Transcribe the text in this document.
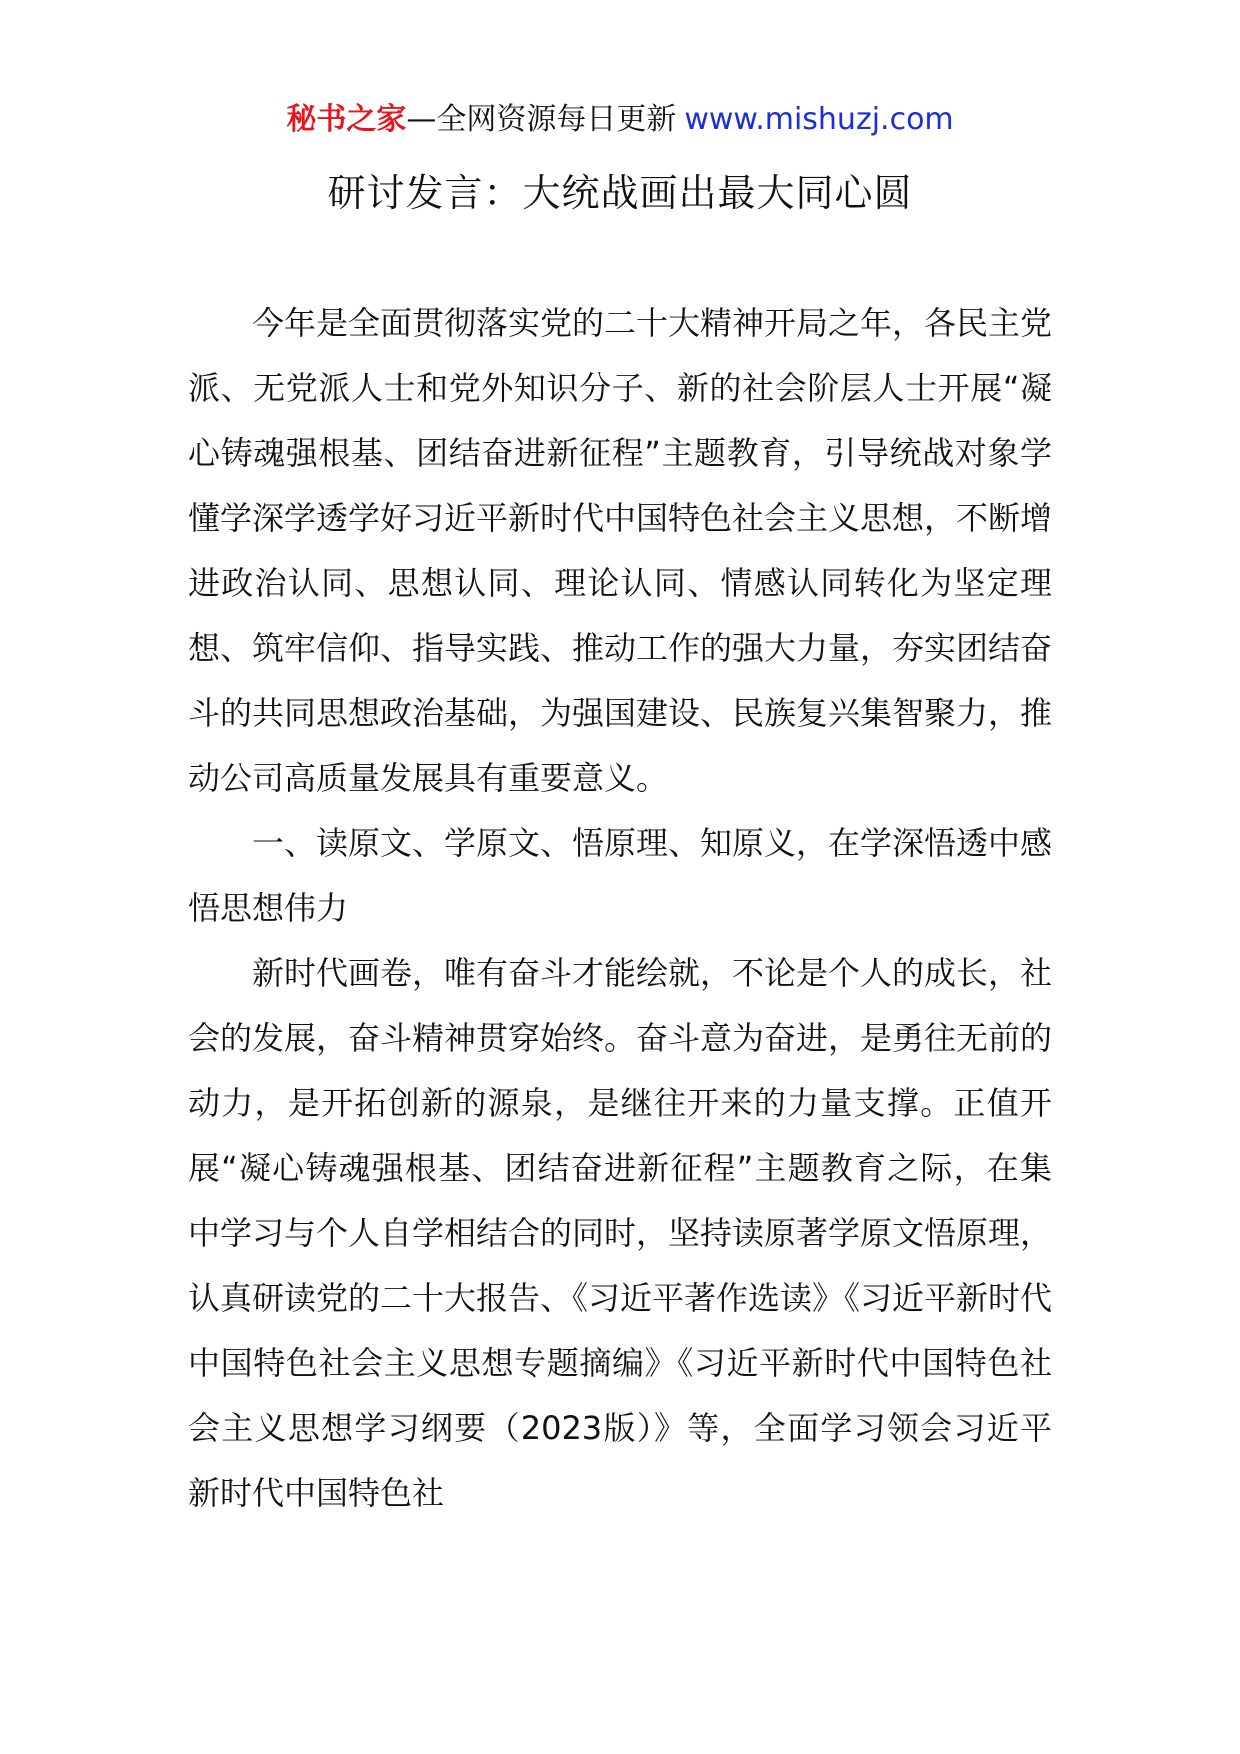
秘书之家—全网资源每日更新 www.mishuzj.com
研讨发言：大统战画出最大同心圆

今年是全面贯彻落实党的二十大精神开局之年，各民主党派、无党派人士和党外知识分子、新的社会阶层人士开展“凝心铸魂强根基、团结奋进新征程”主题教育，引导统战对象学懂学深学透学好习近平新时代中国特色社会主义思想，不断增进政治认同、思想认同、理论认同、情感认同转化为坚定理想、筑牢信仰、指导实践、推动工作的强大力量，夯实团结奋斗的共同思想政治基础，为强国建设、民族复兴集智聚力，推动公司高质量发展具有重要意义。

一、读原文、学原文、悟原理、知原义，在学深悟透中感悟思想伟力

新时代画卷，唯有奋斗才能绘就，不论是个人的成长，社会的发展，奋斗精神贯穿始终。奋斗意为奋进，是勇往无前的动力，是开拓创新的源泉，是继往开来的力量支撑。正值开展“凝心铸魂强根基、团结奋进新征程”主题教育之际，在集中学习与个人自学相结合的同时，坚持读原著学原文悟原理，认真研读党的二十大报告、《习近平著作选读》《习近平新时代中国特色社会主义思想专题摘编》《习近平新时代中国特色社会主义思想学习纲要（2023版）》等，全面学习领会习近平新时代中国特色社
